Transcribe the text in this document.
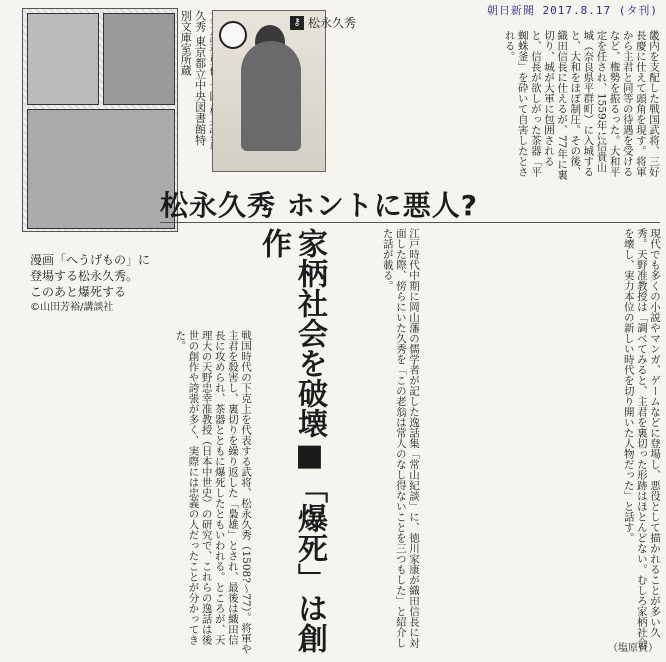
朝日新聞 2017.8.17 (タ刊)
漫画「へうげもの」に
登場する松永久秀。
このあと爆死する
©山田芳裕/講談社
久秀 東京都立中央図書館特別文庫室所蔵	⚷ 松永久秀
畿内を支配した戦国武将、三好長慶に仕えて頭角を現す。将軍から主君と同等の待遇を受けるなど、権勢を振るった。大和平定を任され、1559年に信貴山城（奈良県平群町）に入城すると、大和をほぼ制圧。その後、織田信長に仕えるが、77年に裏切り、城が大軍に包囲されると、信長が欲しがった茶器「平蜘蛛釜」を砕いて自害したとされる。
松永久秀 ホントに悪人?
家柄社会を破壊■「爆死」は創作
戦国時代の下克上を代表する武将、松永久秀（1508?～77）。将軍や主君を殺害し、裏切りを繰り返した「梟雄」とされ、最後は織田信長に攻められ、茶器とともに爆死したともいわれる。ところが、天理大の天野忠幸准教授（日本中世史）の研究で、これらの逸話は後世の創作や誇張が多く、実際には忠義の人だったことが分かってきた。	江戸時代中期に岡山藩の儒学者が記した逸話集「常山紀談」に、徳川家康が織田信長に対面した際、傍らにいた久秀を「この老翁は常人のなし得ないことを三つもした」と紹介した話が載る。	現代でも多くの小説やマンガ、ゲームなどに登場し、悪役として描かれることが多い久秀。天野准教授は「調べてみると、主君を裏切った形跡はほとんどない。むしろ家柄社会を壊し、実力本位の新しい時代を切り開いた人物だった」と話す。
（塩原賢）
